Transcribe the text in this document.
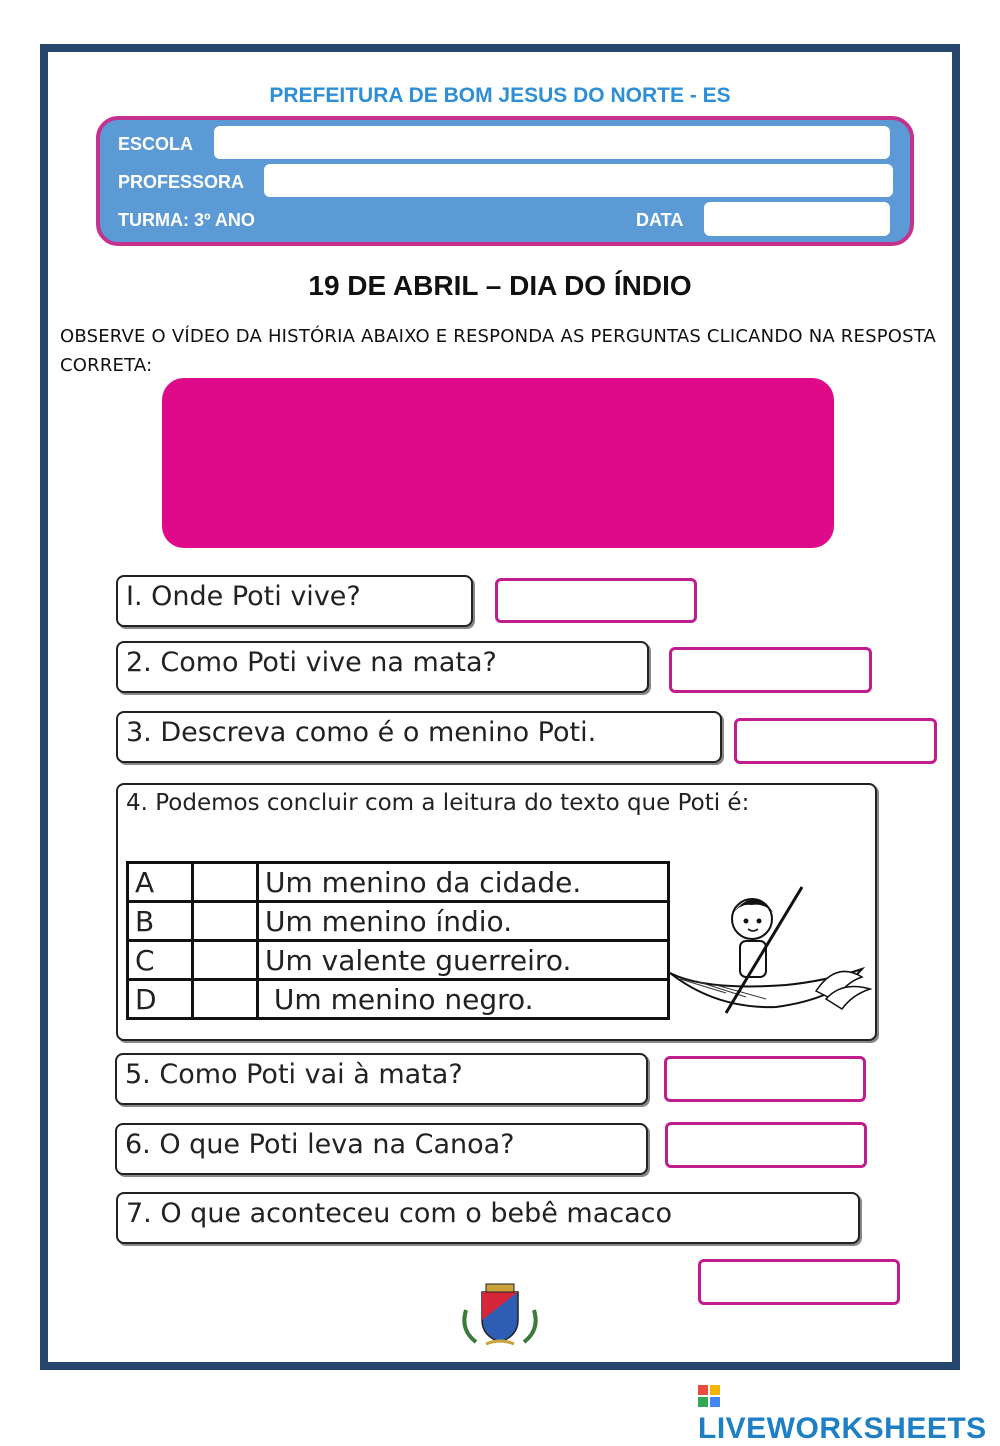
PREFEITURA DE BOM JESUS DO NORTE - ES
ESCOLA
PROFESSORA
TURMA: 3º ANO	DATA
19 DE ABRIL – DIA DO ÍNDIO
OBSERVE O VÍDEO DA HISTÓRIA ABAIXO E RESPONDA AS PERGUNTAS CLICANDO NA RESPOSTA CORRETA:
I. Onde Poti vive?
2. Como Poti vive na mata?
3. Descreva como é o menino Poti.
4. Podemos concluir com a leitura do texto que Poti é:
A		Um menino da cidade.
B		Um menino índio.
C		Um valente guerreiro.
D		Um menino negro.
5. Como Poti vai à mata?
6. O que Poti leva na Canoa?
7. O que aconteceu com o bebê macaco
LIVEWORKSHEETS
